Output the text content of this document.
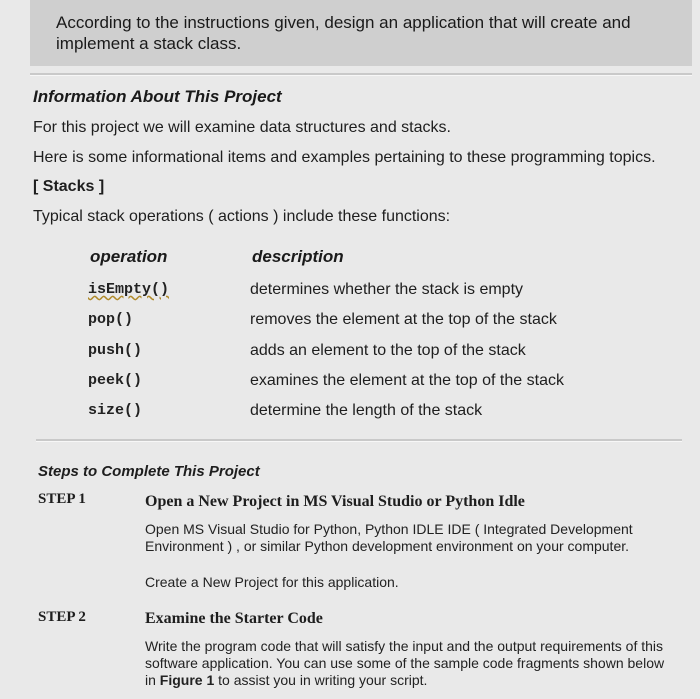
According to the instructions given, design an application that will create and implement a stack class.
Information About This Project
For this project we will examine data structures and stacks.
Here is some informational items and examples pertaining to these programming topics.
[ Stacks ]
Typical stack operations ( actions ) include these functions:
operation	description
isEmpty()	determines whether the stack is empty
pop()	removes the element at the top of the stack
push()	adds an element to the top of the stack
peek()	examines the element at the top of the stack
size()	determine the length of the stack
Steps to Complete This Project
STEP 1	Open a New Project in MS Visual Studio or Python Idle
Open MS Visual Studio for Python, Python IDLE IDE ( Integrated Development Environment ) , or similar Python development environment on your computer.
Create a New Project for this application.
STEP 2	Examine the Starter Code
Write the program code that will satisfy the input and the output requirements of this software application. You can use some of the sample code fragments shown below in Figure 1 to assist you in writing your script.
